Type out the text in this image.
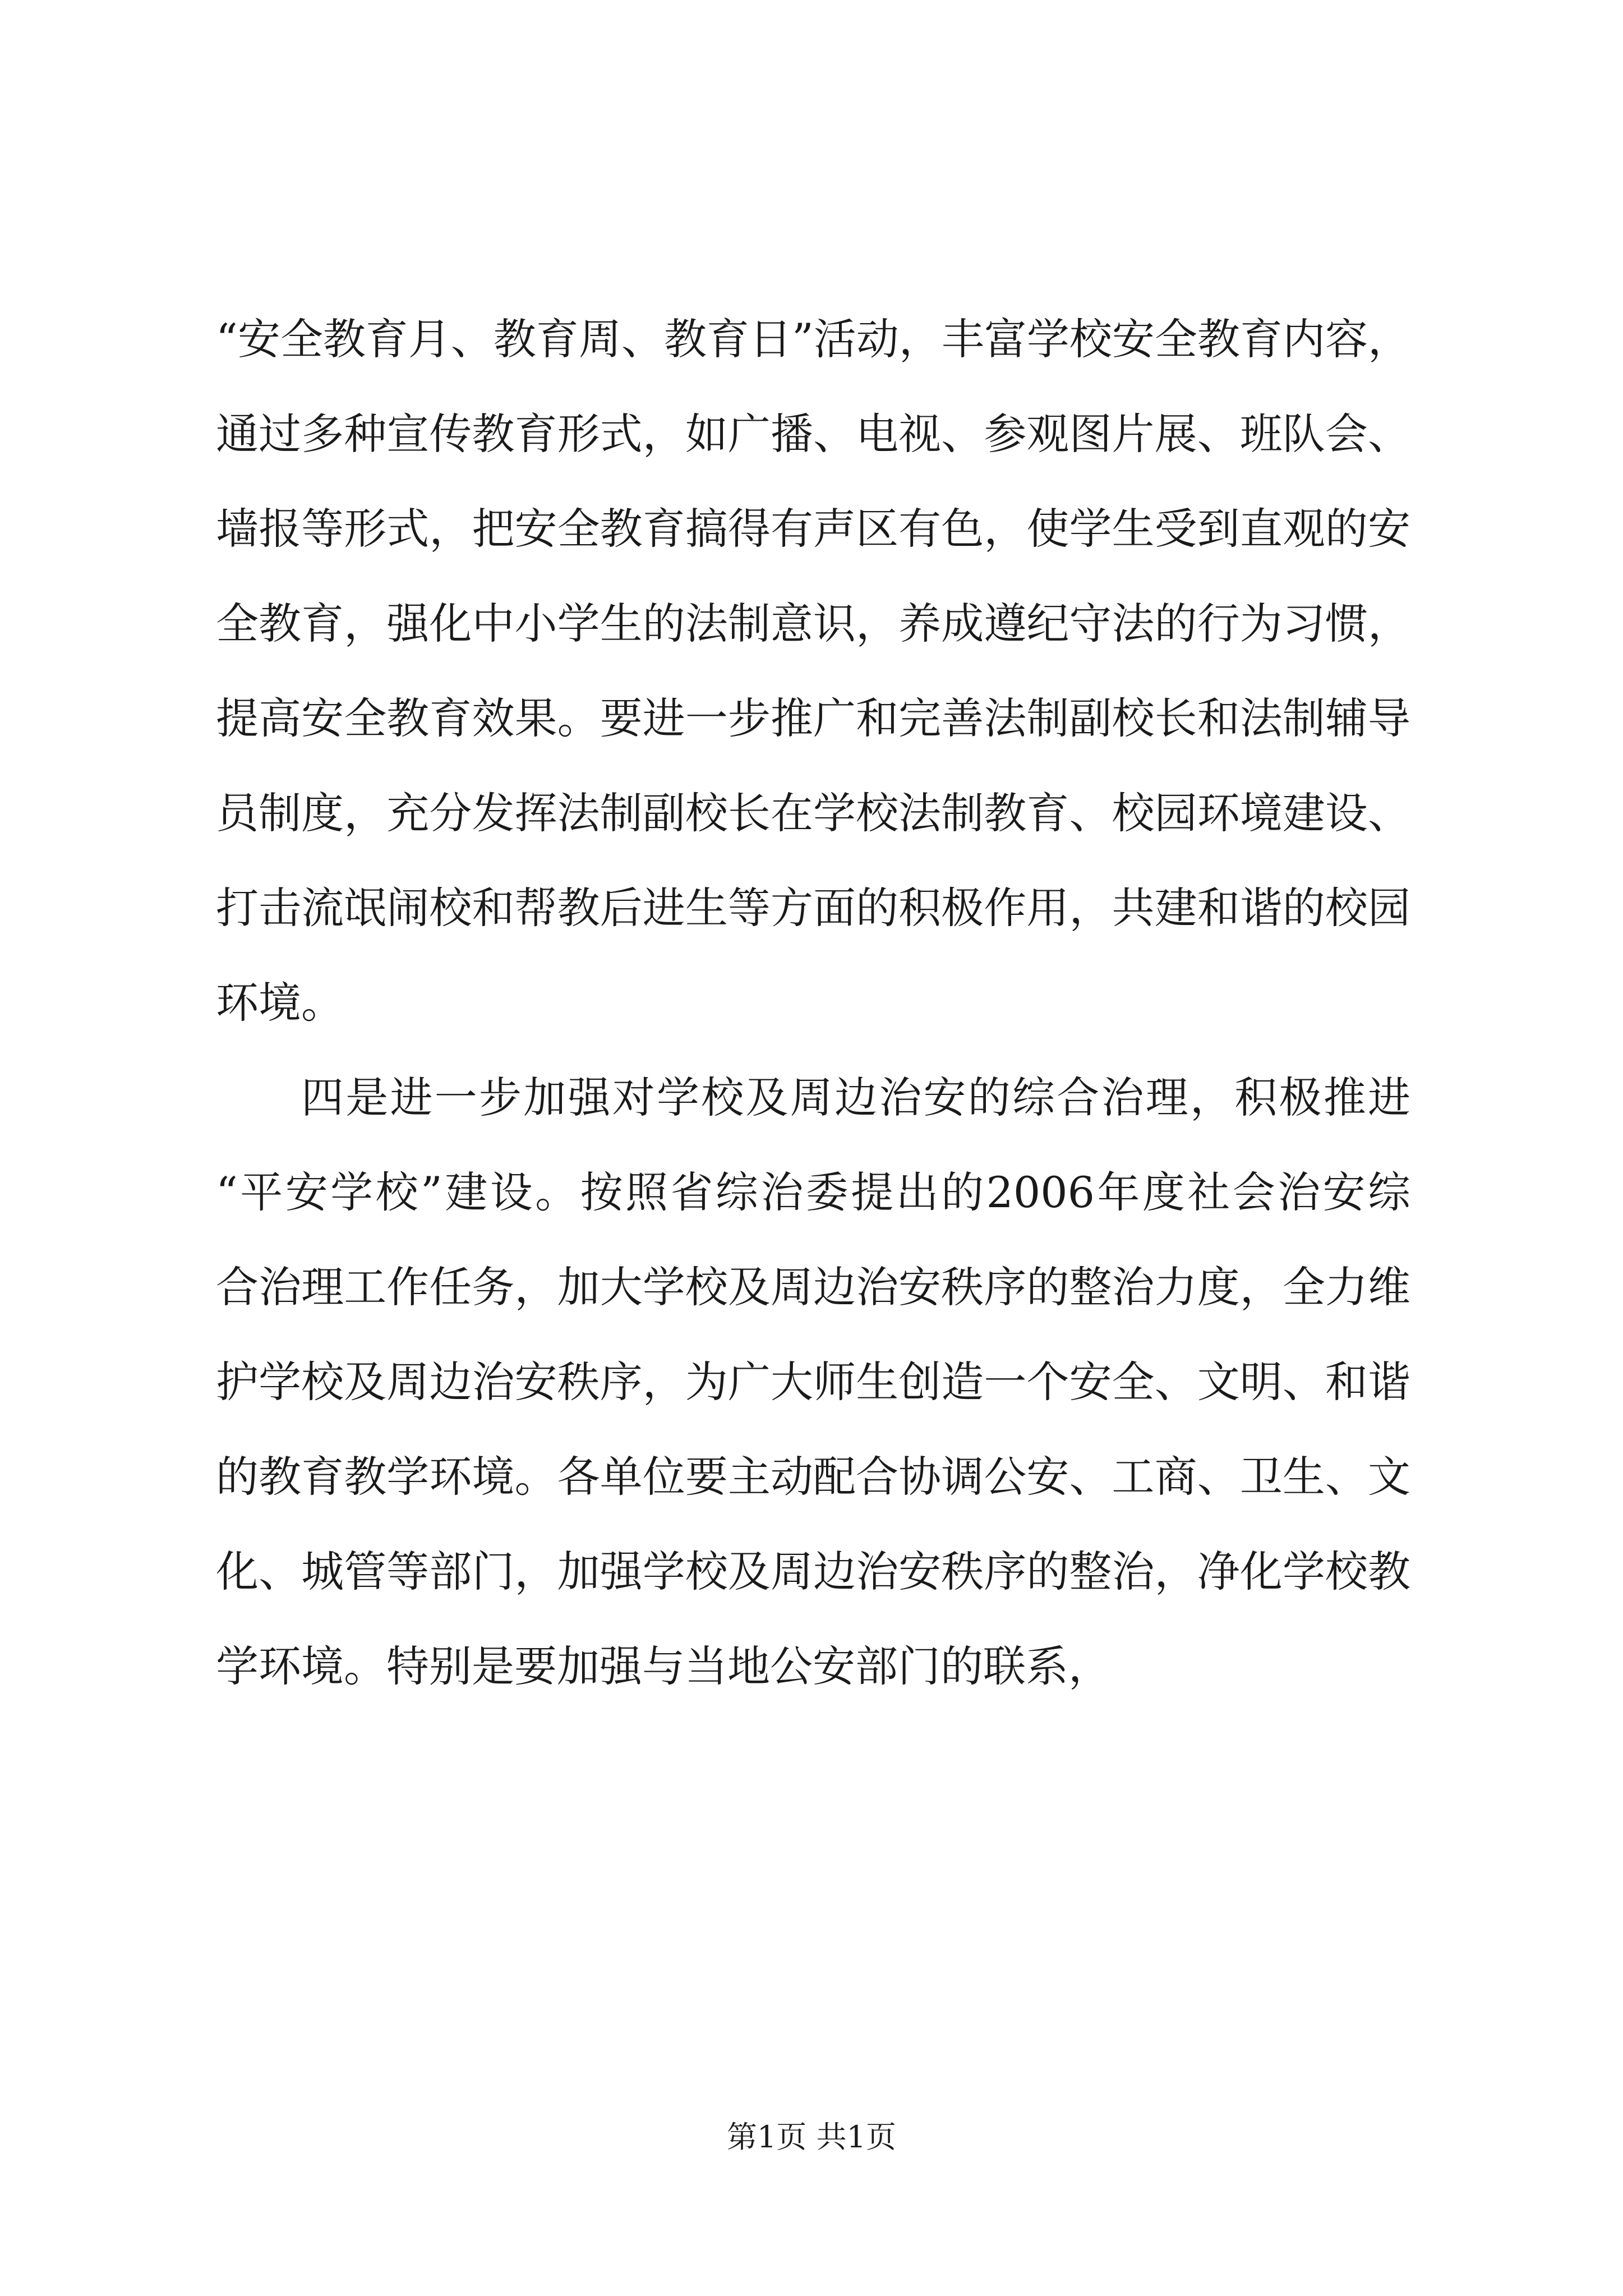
“安全教育月、教育周、教育日”活动，丰富学校安全教育内容，
通过多种宣传教育形式，如广播、电视、参观图片展、班队会、
墙报等形式，把安全教育搞得有声区有色，使学生受到直观的安
全教育，强化中小学生的法制意识，养成遵纪守法的行为习惯，
提高安全教育效果。要进一步推广和完善法制副校长和法制辅导
员制度，充分发挥法制副校长在学校法制教育、校园环境建设、
打击流氓闹校和帮教后进生等方面的积极作用，共建和谐的校园
环境。
四是进一步加强对学校及周边治安的综合治理，积极推进
“平安学校”建设。按照省综治委提出的2006年度社会治安综
合治理工作任务，加大学校及周边治安秩序的整治力度，全力维
护学校及周边治安秩序，为广大师生创造一个安全、文明、和谐
的教育教学环境。各单位要主动配合协调公安、工商、卫生、文
化、城管等部门，加强学校及周边治安秩序的整治，净化学校教
学环境。特别是要加强与当地公安部门的联系，
第1页 共1页
